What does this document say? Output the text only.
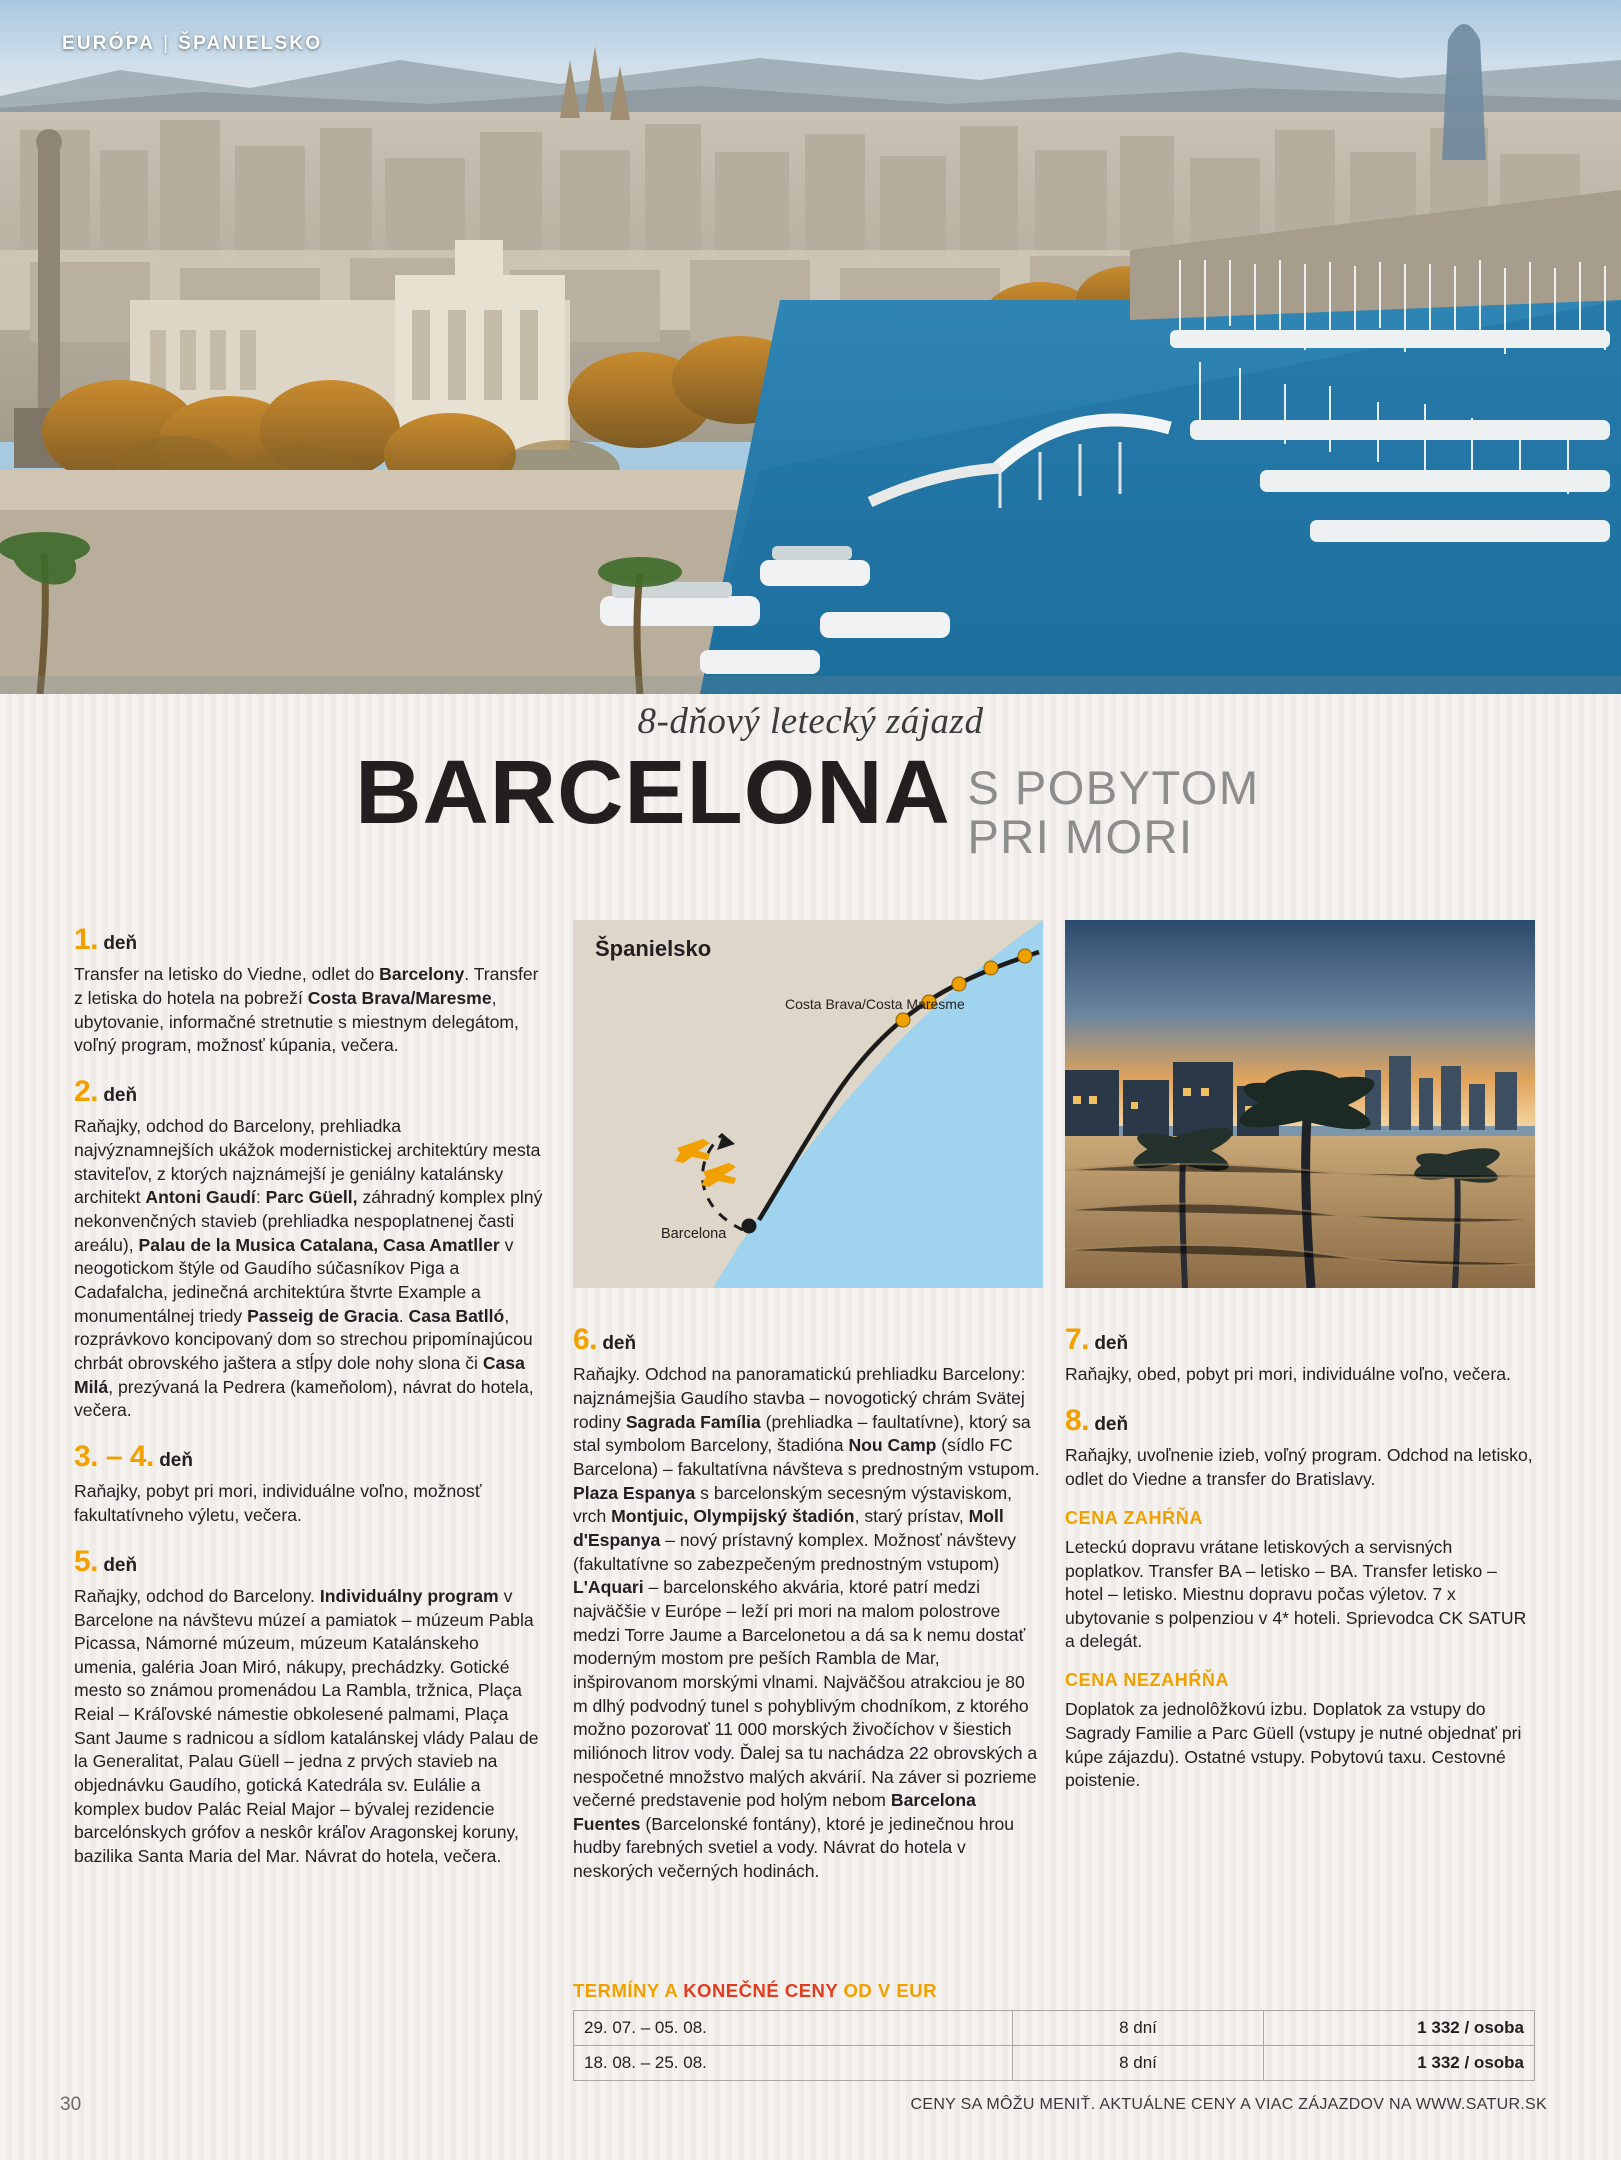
EURÓPA | ŠPANIELSKO
8-dňový letecký zájazd
BARCELONA S POBYTOM
PRI MORI
Španielsko
Costa Brava/Costa Maresme
Barcelona
1. deň

Transfer na letisko do Viedne, odlet do Barcelony. Transfer z letiska do hotela na pobreží Costa Brava/Maresme, ubytovanie, informačné stretnutie s miestnym delegátom, voľný program, možnosť kúpania, večera.

2. deň

Raňajky, odchod do Barcelony, prehliadka najvýznamnejších ukážok modernistickej architektúry mesta staviteľov, z ktorých najznámejší je geniálny katalánsky architekt Antoni Gaudí: Parc Güell, záhradný komplex plný nekonvenčných stavieb (prehliadka nespoplatnenej časti areálu), Palau de la Musica Catalana, Casa Amatller v neogotickom štýle od Gaudího súčasníkov Piga a Cadafalcha, jedinečná architektúra štvrte Example a monumentálnej triedy Passeig de Gracia. Casa Batlló, rozprávkovo koncipovaný dom so strechou pripomínajúcou chrbát obrovského jaštera a stĺpy dole nohy slona či Casa Milá, prezývaná la Pedrera (kameňolom), návrat do hotela, večera.

3. – 4. deň

Raňajky, pobyt pri mori, individuálne voľno, možnosť fakultatívneho výletu, večera.

5. deň

Raňajky, odchod do Barcelony. Individuálny program v Barcelone na návštevu múzeí a pamiatok – múzeum Pabla Picassa, Námorné múzeum, múzeum Katalánskeho umenia, galéria Joan Miró, nákupy, prechádzky. Gotické mesto so známou promenádou La Rambla, tržnica, Plaça Reial – Kráľovské námestie obkolesené palmami, Plaça Sant Jaume s radnicou a sídlom katalánskej vlády Palau de la Generalitat, Palau Güell – jedna z prvých stavieb na objednávku Gaudího, gotická Katedrála sv. Eulálie a komplex budov Palác Reial Major – bývalej rezidencie barcelónskych grófov a neskôr kráľov Aragonskej koruny, bazilika Santa Maria del Mar. Návrat do hotela, večera.

6. deň

Raňajky. Odchod na panoramatickú prehliadku Barcelony: najznámejšia Gaudího stavba – novogotický chrám Svätej rodiny Sagrada Família (prehliadka – faultatívne), ktorý sa stal symbolom Barcelony, štadióna Nou Camp (sídlo FC Barcelona) – fakultatívna návšteva s prednostným vstupom. Plaza Espanya s barcelonským secesným výstaviskom, vrch Montjuic, Olympijský štadión, starý prístav, Moll d'Espanya – nový prístavný komplex. Možnosť návštevy (fakultatívne so zabezpečeným prednostným vstupom) L'Aquari – barcelonského akvária, ktoré patrí medzi najväčšie v Európe – leží pri mori na malom polostrove medzi Torre Jaume a Barcelonetou a dá sa k nemu dostať moderným mostom pre peších Rambla de Mar, inšpirovanom morskými vlnami. Najväčšou atrakciou je 80 m dlhý podvodný tunel s pohyblivým chodníkom, z ktorého možno pozorovať 11 000 morských živočíchov v šiestich miliónoch litrov vody. Ďalej sa tu nachádza 22 obrovských a nespočetné množstvo malých akvárií. Na záver si pozrieme večerné predstavenie pod holým nebom Barcelona Fuentes (Barcelonské fontány), ktoré je jedinečnou hrou hudby farebných svetiel a vody. Návrat do hotela v neskorých večerných hodinách.

7. deň

Raňajky, obed, pobyt pri mori, individuálne voľno, večera.

8. deň

Raňajky, uvoľnenie izieb, voľný program. Odchod na letisko, odlet do Viedne a transfer do Bratislavy.

CENA ZAHŔŇA

Leteckú dopravu vrátane letiskových a servisných poplatkov. Transfer BA – letisko – BA. Transfer letisko – hotel – letisko. Miestnu dopravu počas výletov. 7 x ubytovanie s polpenziou v 4* hoteli. Sprievodca CK SATUR a delegát.

CENA NEZAHŔŇA

Doplatok za jednolôžkovú izbu. Doplatok za vstupy do Sagrady Familie a Parc Güell (vstupy je nutné objednať pri kúpe zájazdu). Ostatné vstupy. Pobytovú taxu. Cestovné poistenie.

TERMÍNY A KONEČNÉ CENY OD V EUR
29. 07. – 05. 08.	8 dní	1 332 / osoba
18. 08. – 25. 08.	8 dní	1 332 / osoba
30	CENY SA MÔŽU MENIŤ. AKTUÁLNE CENY A VIAC ZÁJAZDOV NA WWW.SATUR.SK
